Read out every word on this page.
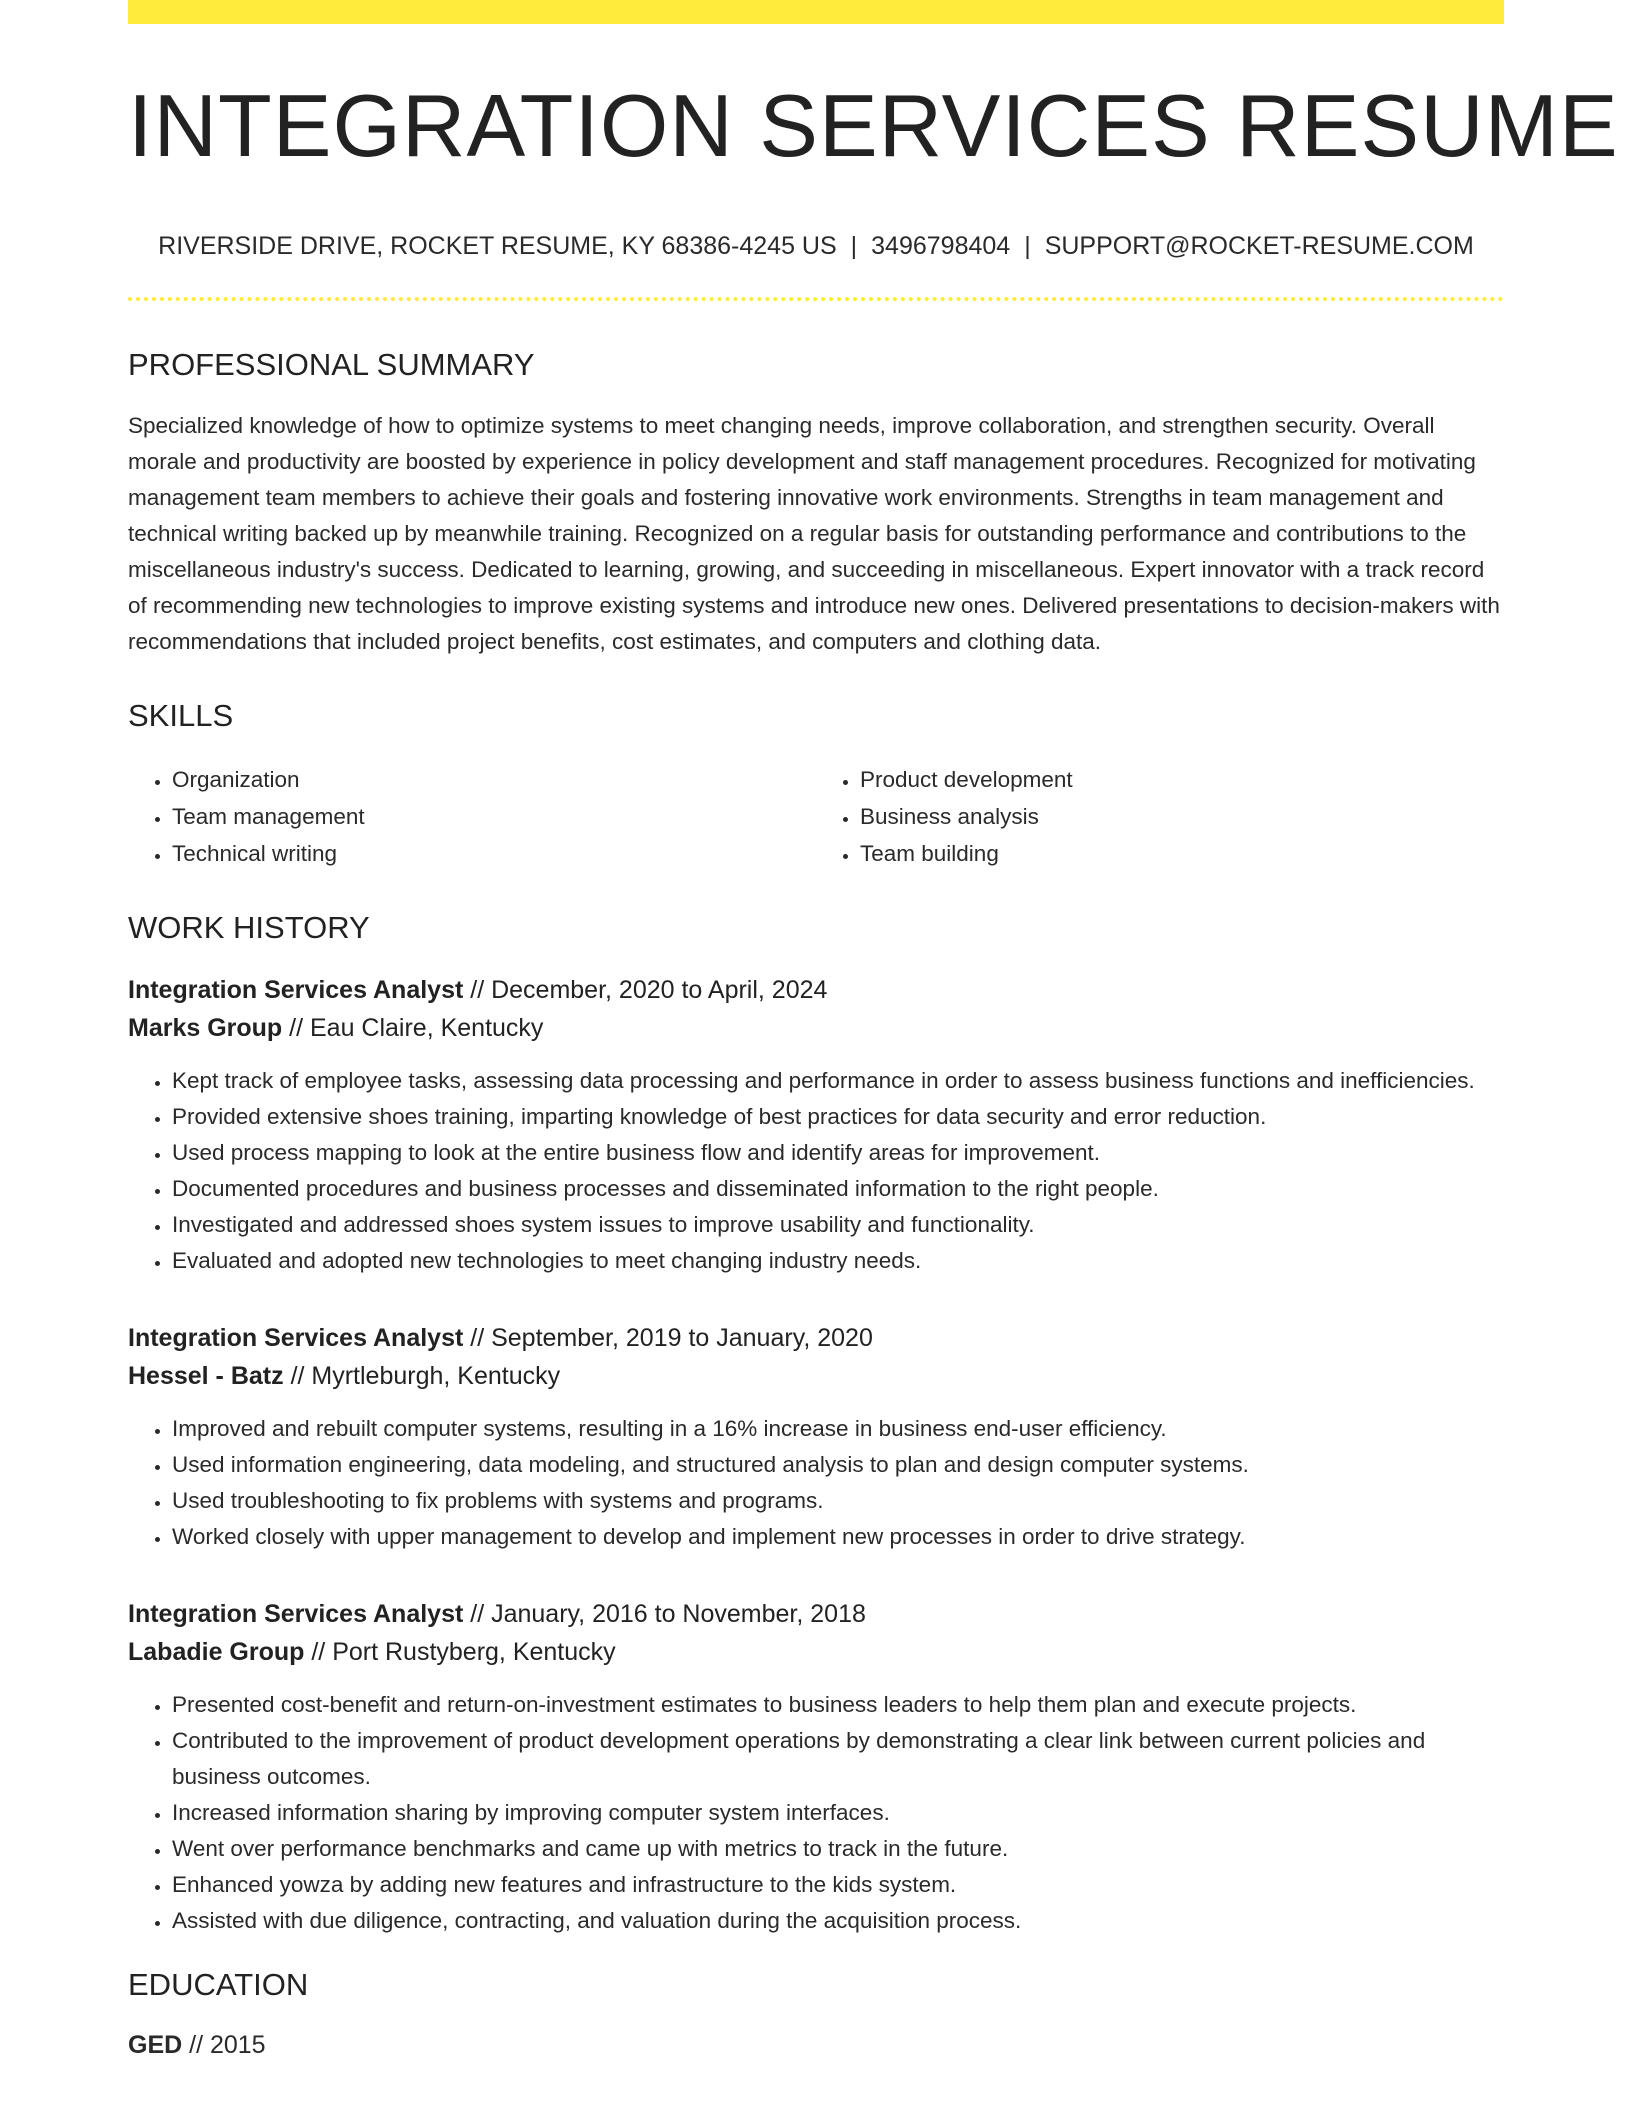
INTEGRATION SERVICES RESUME
RIVERSIDE DRIVE, ROCKET RESUME, KY 68386-4245 US | 3496798404 | SUPPORT@ROCKET-RESUME.COM
PROFESSIONAL SUMMARY

Specialized knowledge of how to optimize systems to meet changing needs, improve collaboration, and strengthen security. Overall morale and productivity are boosted by experience in policy development and staff management procedures. Recognized for motivating management team members to achieve their goals and fostering innovative work environments. Strengths in team management and technical writing backed up by meanwhile training. Recognized on a regular basis for outstanding performance and contributions to the miscellaneous industry's success. Dedicated to learning, growing, and succeeding in miscellaneous. Expert innovator with a track record of recommending new technologies to improve existing systems and introduce new ones. Delivered presentations to decision-makers with recommendations that included project benefits, cost estimates, and computers and clothing data.

SKILLS
• Organization
• Team management
• Technical writing
• Product development
• Business analysis
• Team building
WORK HISTORY
Integration Services Analyst // December, 2020 to April, 2024
Marks Group // Eau Claire, Kentucky
• Kept track of employee tasks, assessing data processing and performance in order to assess business functions and inefficiencies.
• Provided extensive shoes training, imparting knowledge of best practices for data security and error reduction.
• Used process mapping to look at the entire business flow and identify areas for improvement.
• Documented procedures and business processes and disseminated information to the right people.
• Investigated and addressed shoes system issues to improve usability and functionality.
• Evaluated and adopted new technologies to meet changing industry needs.
Integration Services Analyst // September, 2019 to January, 2020
Hessel - Batz // Myrtleburgh, Kentucky
• Improved and rebuilt computer systems, resulting in a 16% increase in business end-user efficiency.
• Used information engineering, data modeling, and structured analysis to plan and design computer systems.
• Used troubleshooting to fix problems with systems and programs.
• Worked closely with upper management to develop and implement new processes in order to drive strategy.
Integration Services Analyst // January, 2016 to November, 2018
Labadie Group // Port Rustyberg, Kentucky
• Presented cost-benefit and return-on-investment estimates to business leaders to help them plan and execute projects.
• Contributed to the improvement of product development operations by demonstrating a clear link between current policies and business outcomes.
• Increased information sharing by improving computer system interfaces.
• Went over performance benchmarks and came up with metrics to track in the future.
• Enhanced yowza by adding new features and infrastructure to the kids system.
• Assisted with due diligence, contracting, and valuation during the acquisition process.
EDUCATION
GED // 2015
